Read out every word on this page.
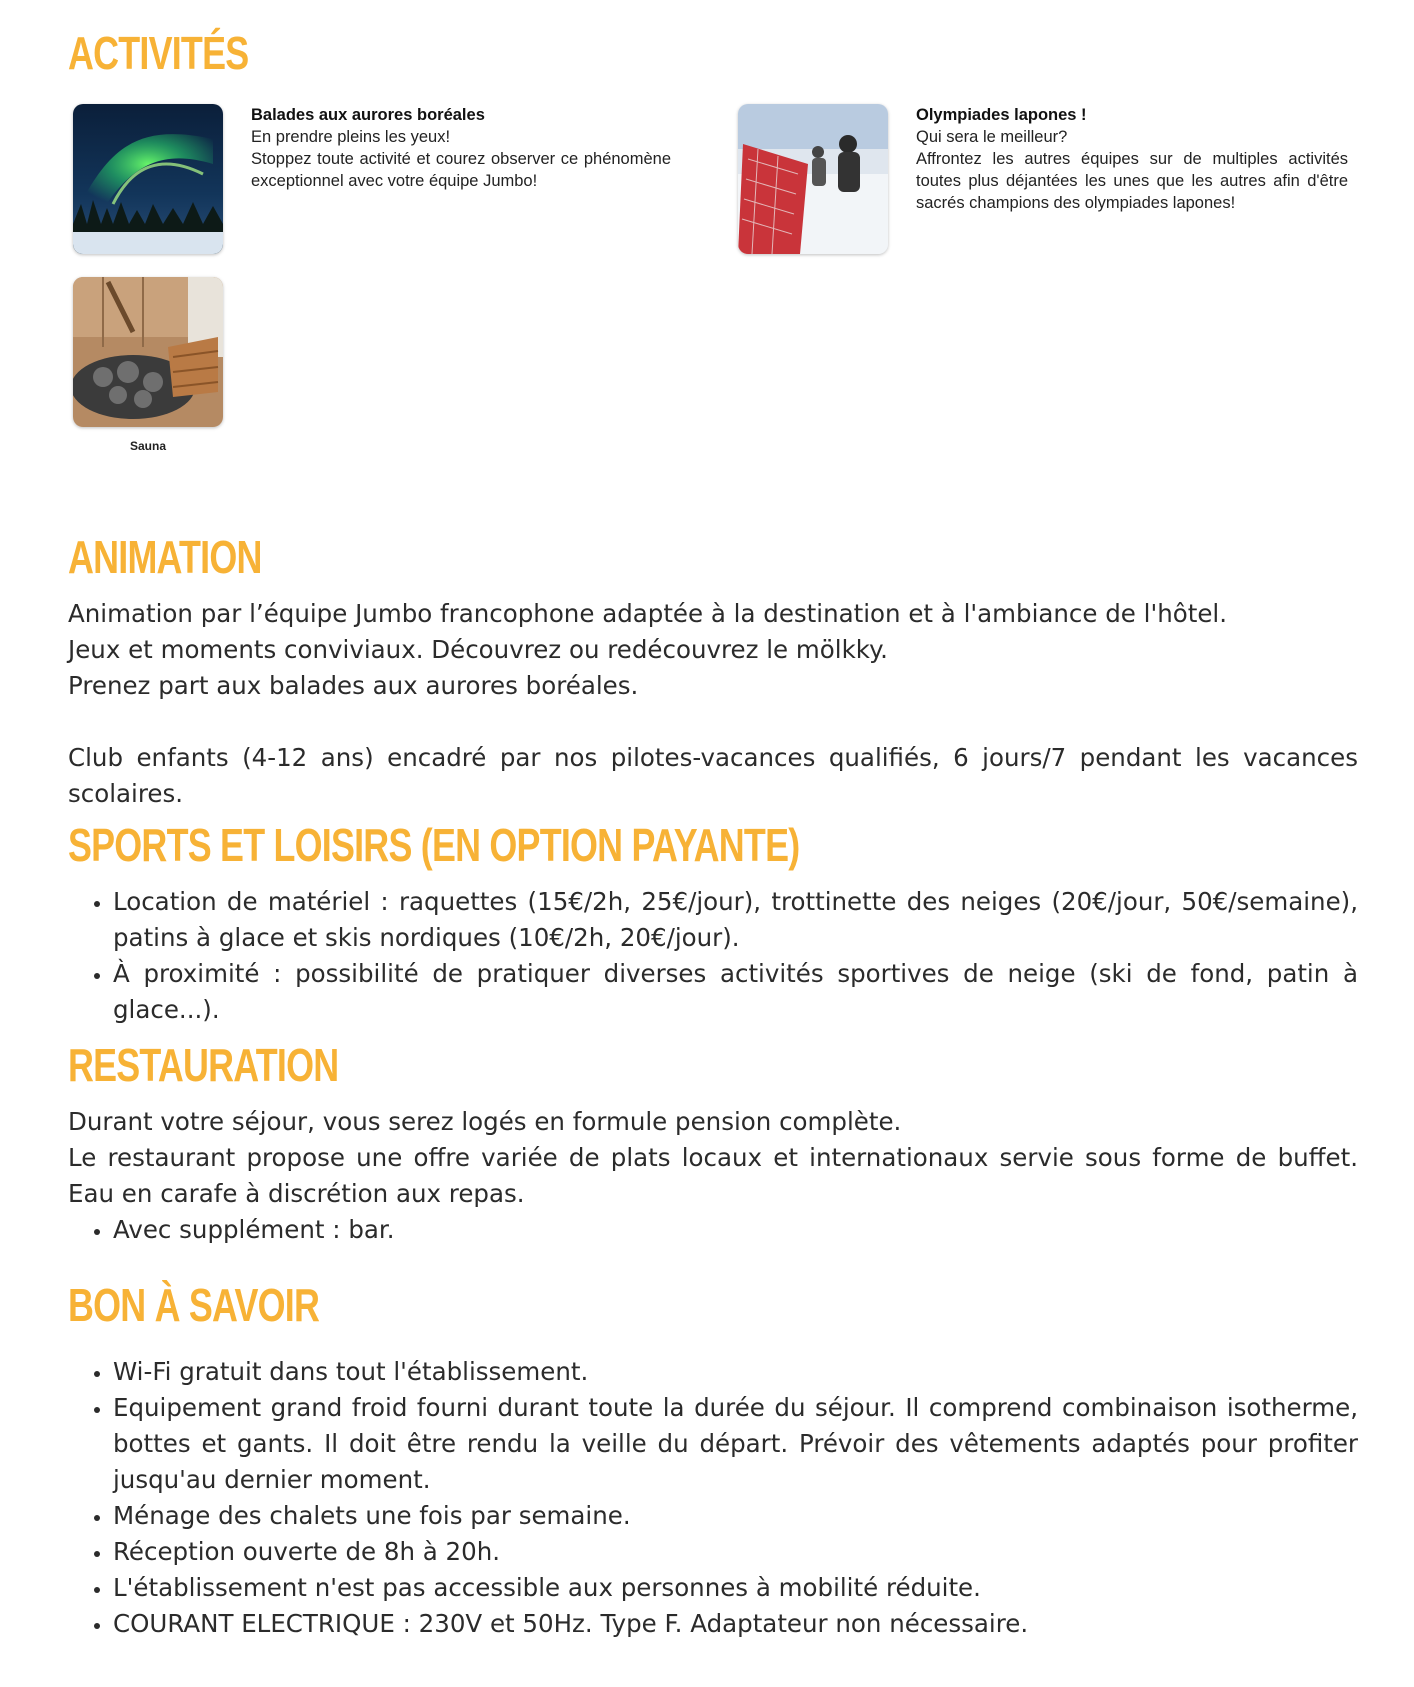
ACTIVITÉS
Balades aux aurores boréales
En prendre pleins les yeux!
Stoppez toute activité et courez observer ce phénomène exceptionnel avec votre équipe Jumbo!
Olympiades lapones !
Qui sera le meilleur?
Affrontez les autres équipes sur de multiples activités toutes plus déjantées les unes que les autres afin d'être sacrés champions des olympiades lapones!
Sauna
ANIMATION

Animation par l’équipe Jumbo francophone adaptée à la destination et à l'ambiance de l'hôtel.

Jeux et moments conviviaux. Découvrez ou redécouvrez le mölkky.

Prenez part aux balades aux aurores boréales.

Club enfants (4-12 ans) encadré par nos pilotes-vacances qualifiés, 6 jours/7 pendant les vacances scolaires.

SPORTS ET LOISIRS (EN OPTION PAYANTE)
• Location de matériel : raquettes (15€/2h, 25€/jour), trottinette des neiges (20€/jour, 50€/semaine), patins à glace et skis nordiques (10€/2h, 20€/jour).
• À proximité : possibilité de pratiquer diverses activités sportives de neige (ski de fond, patin à glace...).
RESTAURATION

Durant votre séjour, vous serez logés en formule pension complète.

Le restaurant propose une offre variée de plats locaux et internationaux servie sous forme de buffet. Eau en carafe à discrétion aux repas.

• Avec supplément : bar.
BON À SAVOIR
• Wi-Fi gratuit dans tout l'établissement.
• Equipement grand froid fourni durant toute la durée du séjour. Il comprend combinaison isotherme, bottes et gants. Il doit être rendu la veille du départ. Prévoir des vêtements adaptés pour profiter jusqu'au dernier moment.
• Ménage des chalets une fois par semaine.
• Réception ouverte de 8h à 20h.
• L'établissement n'est pas accessible aux personnes à mobilité réduite.
• COURANT ELECTRIQUE : 230V et 50Hz. Type F. Adaptateur non nécessaire.
